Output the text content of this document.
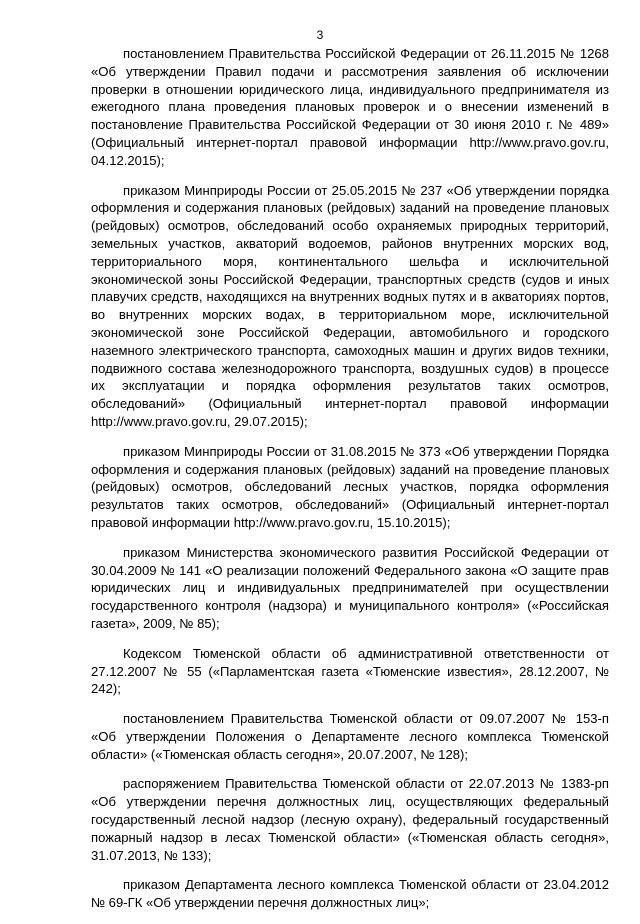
3

постановлением Правительства Российской Федерации от 26.11.2015 № 1268 «Об утверждении Правил подачи и рассмотрения заявления об исключении проверки в отношении юридического лица, индивидуального предпринимателя из ежегодного плана проведения плановых проверок и о внесении изменений в постановление Правительства Российской Федерации от 30 июня 2010 г. № 489» (Официальный интернет-портал правовой информации http://www.pravo.gov.ru, 04.12.2015);

приказом Минприроды России от 25.05.2015 № 237 «Об утверждении порядка оформления и содержания плановых (рейдовых) заданий на проведение плановых (рейдовых) осмотров, обследований особо охраняемых природных территорий, земельных участков, акваторий водоемов, районов внутренних морских вод, территориального моря, континентального шельфа и исключительной экономической зоны Российской Федерации, транспортных средств (судов и иных плавучих средств, находящихся на внутренних водных путях и в акваториях портов, во внутренних морских водах, в территориальном море, исключительной экономической зоне Российской Федерации, автомобильного и городского наземного электрического транспорта, самоходных машин и других видов техники, подвижного состава железнодорожного транспорта, воздушных судов) в процессе их эксплуатации и порядка оформления результатов таких осмотров, обследований» (Официальный интернет-портал правовой информации http://www.pravo.gov.ru, 29.07.2015);

приказом Минприроды России от 31.08.2015 № 373 «Об утверждении Порядка оформления и содержания плановых (рейдовых) заданий на проведение плановых (рейдовых) осмотров, обследований лесных участков, порядка оформления результатов таких осмотров, обследований» (Официальный интернет-портал правовой информации http://www.pravo.gov.ru, 15.10.2015);

приказом Министерства экономического развития Российской Федерации от 30.04.2009 № 141 «О реализации положений Федерального закона «О защите прав юридических лиц и индивидуальных предпринимателей при осуществлении государственного контроля (надзора) и муниципального контроля» («Российская газета», 2009, № 85);

Кодексом Тюменской области об административной ответственности от 27.12.2007 № 55 («Парламентская газета «Тюменские известия», 28.12.2007, № 242);

постановлением Правительства Тюменской области от 09.07.2007 № 153-п «Об утверждении Положения о Департаменте лесного комплекса Тюменской области» («Тюменская область сегодня», 20.07.2007, № 128);

распоряжением Правительства Тюменской области от 22.07.2013 № 1383-рп «Об утверждении перечня должностных лиц, осуществляющих федеральный государственный лесной надзор (лесную охрану), федеральный государственный пожарный надзор в лесах Тюменской области» («Тюменская область сегодня», 31.07.2013, № 133);

приказом Департамента лесного комплекса Тюменской области от 23.04.2012 № 69-ГК «Об утверждении перечня должностных лиц»;
